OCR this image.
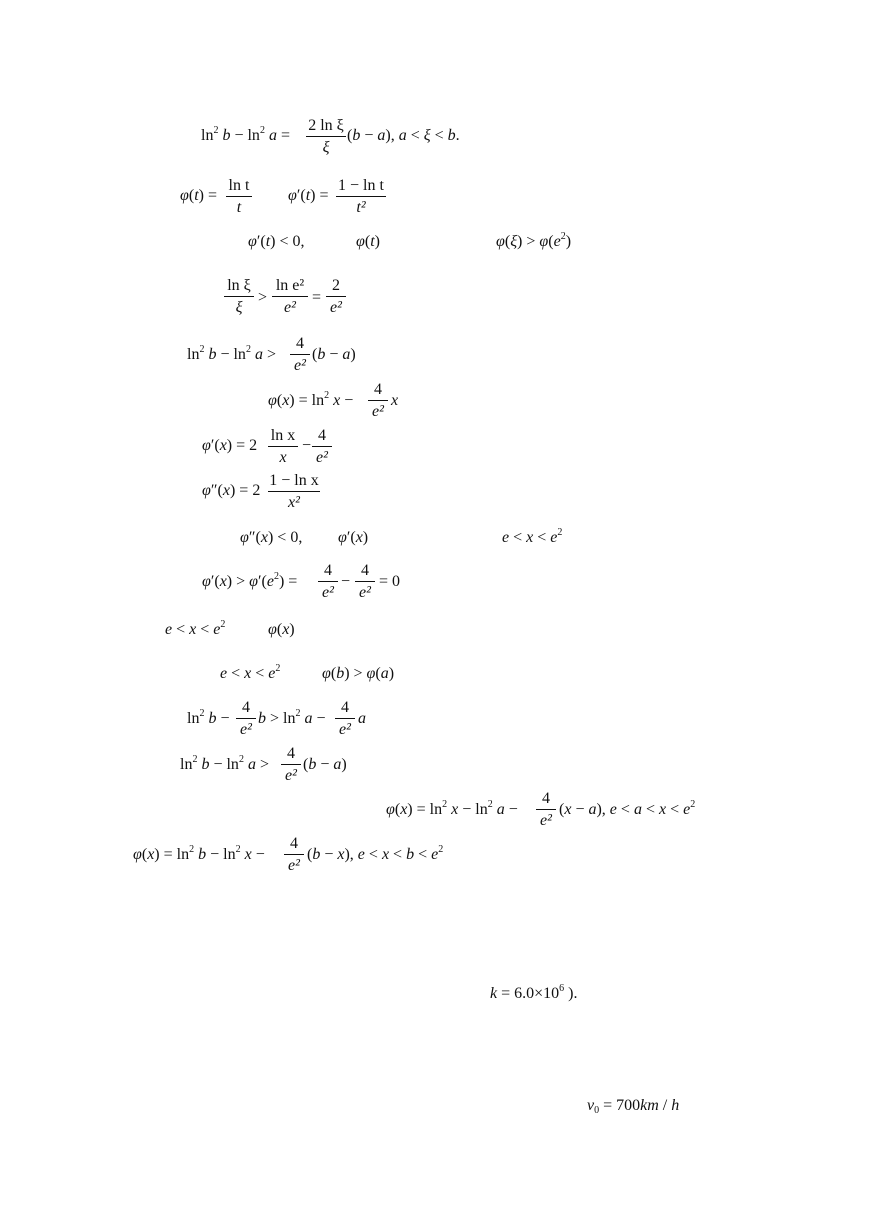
$\ln^2 b - \ln^2 a$ =
2 ln ξ
ξ
(b − a), a < ξ < b.
φ(t) =
ln t
t
φ′(t) =
1 − ln t
t²
φ′(t) < 0,	φ(t)	$\varphi(\xi) > \varphi(e^2)$
ln ξ
ξ
>
ln e²
e²
=
2
e²
$\ln^2 b - \ln^2 a$ >
4
e²
(b − a)
$\varphi(x) = \ln^2 x$ −
4
e²
x
φ′(x) = 2
ln x
x
−
4
e²
φ″(x) = 2
1 − ln x
x²
φ″(x) < 0, φ′(x)	$e < x < e^2$
$\varphi'(x) > \varphi'(e^2)$ =
4
e²
−
4
e²
= 0
$e < x < e^2$	φ(x)
$e < x < e^2$	φ(b) > φ(a)
$\ln^2 b$ −
4
e²
$b > \ln^2 a$ −
4
e²
a
$\ln^2 b - \ln^2 a$ >
4
e²
(b − a)
$\varphi(x) = \ln^2 x - \ln^2 a$ −
4
e²
(x − a), $e < a < x < e^2$
$\varphi(x) = \ln^2 b - \ln^2 x$ −
4
e²
(b − x), $e < x < b < e^2$
$k = 6.0\times 10^6$ ).
$v_0 = 700km / h$
